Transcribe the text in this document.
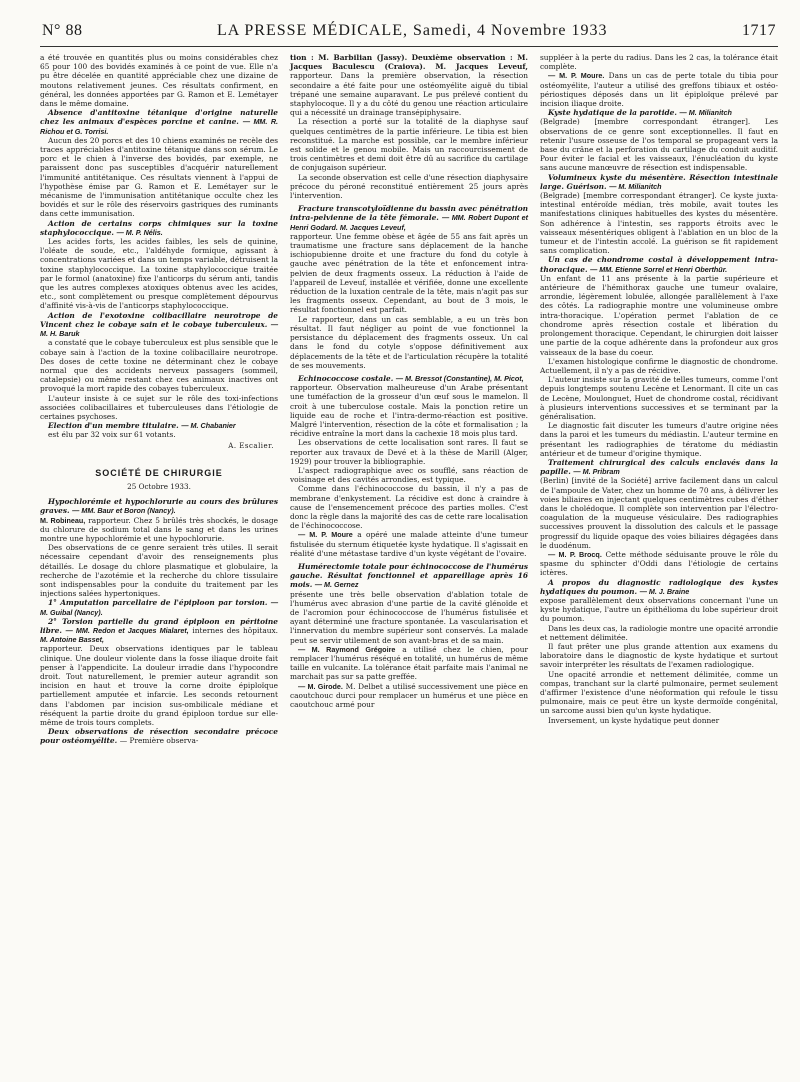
N° 88	LA PRESSE MÉDICALE, Samedi, 4 Novembre 1933	1717

a été trouvée en quantités plus ou moins considérables chez 65 pour 100 des bovidés examinés à ce point de vue. Elle n'a pu être décelée en quantité appréciable chez une dizaine de moutons relativement jeunes. Ces résultats confirment, en général, les données apportées par G. Ramon et E. Lemétayer dans le même domaine.

Absence d'antitoxine tétanique d'origine naturelle chez les animaux d'espèces porcine et canine. — MM. R. Richou et G. Torrisi.

Aucun des 20 porcs et des 10 chiens examinés ne recèle des traces appréciables d'antitoxine tétanique dans son sérum. Le porc et le chien à l'inverse des bovidés, par exemple, ne paraissent donc pas susceptibles d'acquérir naturellement l'immunité antitétanique. Ces résultats viennent à l'appui de l'hypothèse émise par G. Ramon et E. Lemétayer sur le mécanisme de l'immunisation antitétanique occulte chez les bovidés et sur le rôle des réservoirs gastriques des ruminants dans cette immunisation.

Action de certains corps chimiques sur la toxine staphylococcique. — M. P. Nélis.

Les acides forts, les acides faibles, les sels de quinine, l'oléate de soude, etc., l'aldéhyde formique, agissant à concentrations variées et dans un temps variable, détruisent la toxine staphylococcique. La toxine staphylococcique traitée par le formol (anatoxine) fixe l'anticorps du sérum anti, tandis que les autres complexes atoxiques obtenus avec les acides, etc., sont complètement ou presque complètement dépourvus d'affinité vis-à-vis de l'anticorps staphylococcique.

Action de l'exotoxine colibacillaire neurotrope de Vincent chez le cobaye sain et le cobaye tuberculeux. — M. H. Baruk

a constaté que le cobaye tuberculeux est plus sensible que le cobaye sain à l'action de la toxine colibacillaire neurotrope. Des doses de cette toxine ne déterminant chez le cobaye normal que des accidents nerveux passagers (sommeil, catalepsie) ou même restant chez ces animaux inactives ont provoqué la mort rapide des cobayes tuberculeux.

L'auteur insiste à ce sujet sur le rôle des toxi-infections associées colibacillaires et tuberculeuses dans l'étiologie de certaines psychoses.

Election d'un membre titulaire. — M. Chabanier

est élu par 32 voix sur 61 votants.

A. Escalier.
SOCIÉTÉ DE CHIRURGIE
25 Octobre 1933.

Hypochlorémie et hypochlorurie au cours des brûlures graves. — MM. Baur et Boron (Nancy).

M. Robineau, rapporteur. Chez 5 brûlés très shockés, le dosage du chlorure de sodium total dans le sang et dans les urines montre une hypochlorémie et une hypochlorurie.

Des observations de ce genre seraient très utiles. Il serait nécessaire cependant d'avoir des renseignements plus détaillés. Le dosage du chlore plasmatique et globulaire, la recherche de l'azotémie et la recherche du chlore tissulaire sont indispensables pour la conduite du traitement par les injections salées hypertoniques.

1° Amputation parcellaire de l'épiploon par torsion. — M. Guibal (Nancy).

2° Torsion partielle du grand épiploon en péritoine libre. — MM. Redon et Jacques Mialaret, internes des hôpitaux. M. Antoine Basset,

rapporteur. Deux observations identiques par le tableau clinique. Une douleur violente dans la fosse iliaque droite fait penser à l'appendicite. La douleur irradie dans l'hypocondre droit. Tout naturellement, le premier auteur agrandit son incision en haut et trouve la corne droite épiploïque partiellement amputée et infarcie. Les seconds retournent dans l'abdomen par incision sus-ombilicale médiane et réséquent la partie droite du grand épiploon tordue sur elle-même de trois tours complets.

Deux observations de résection secondaire précoce pour ostéomyélite. — Première observa-

tion : M. Barbilian (Jassy). Deuxième observation : M. Jacques Baculescu (Craiova). M. Jacques Leveuf, rapporteur. Dans la première observation, la résection secondaire a été faite pour une ostéomyélite aiguë du tibial trépané une semaine auparavant. Le pus prélevé contient du staphylocoque. Il y a du côté du genou une réaction articulaire qui a nécessité un drainage transépiphysaire.

La résection a porté sur la totalité de la diaphyse sauf quelques centimètres de la partie inférieure. Le tibia est bien reconstitué. La marche est possible, car le membre inférieur est solide et le genou mobile. Mais un raccourcissement de trois centimètres et demi doit être dû au sacrifice du cartilage de conjugaison supérieur.

La seconde observation est celle d'une résection diaphysaire précoce du péroné reconstitué entièrement 25 jours après l'intervention.

Fracture transcotyloïdienne du bassin avec pénétration intra-pelvienne de la tête fémorale. — MM. Robert Dupont et Henri Godard. M. Jacques Leveuf,

rapporteur. Une femme obèse et âgée de 55 ans fait après un traumatisme une fracture sans déplacement de la hanche ischiopubienne droite et une fracture du fond du cotyle à gauche avec pénétration de la tête et enfoncement intra-pelvien de deux fragments osseux. La réduction à l'aide de l'appareil de Leveuf, installée et vérifiée, donne une excellente réduction de la luxation centrale de la tête, mais n'agit pas sur les fragments osseux. Cependant, au bout de 3 mois, le résultat fonctionnel est parfait.

Le rapporteur, dans un cas semblable, a eu un très bon résultat. Il faut négliger au point de vue fonctionnel la persistance du déplacement des fragments osseux. Un cal dans le fond du cotyle s'oppose définitivement aux déplacements de la tête et de l'articulation récupère la totalité de ses mouvements.

Echinococcose costale. — M. Bressot (Constantine), M. Picot,

rapporteur. Observation malheureuse d'un Arabe présentant une tuméfaction de la grosseur d'un œuf sous le mamelon. Il croit à une tuberculose costale. Mais la ponction retire un liquide eau de roche et l'intra-dermo-réaction est positive. Malgré l'intervention, résection de la côte et formalisation ; la récidive entraîne la mort dans la cachexie 18 mois plus tard.

Les observations de cette localisation sont rares. Il faut se reporter aux travaux de Devé et à la thèse de Marill (Alger, 1929) pour trouver la bibliographie.

L'aspect radiographique avec os soufflé, sans réaction de voisinage et des cavités arrondies, est typique.

Comme dans l'échinococcose du bassin, il n'y a pas de membrane d'enkystement. La récidive est donc à craindre à cause de l'ensemencement précoce des parties molles. C'est donc la règle dans la majorité des cas de cette rare localisation de l'échinococcose.

— M. P. Moure a opéré une malade atteinte d'une tumeur fistulisée du sternum étiquetée kyste hydatique. Il s'agissait en réalité d'une métastase tardive d'un kyste végétant de l'ovaire.

Humérectomie totale pour échinococcose de l'humérus gauche. Résultat fonctionnel et appareillage après 16 mois. — M. Gernez

présente une très belle observation d'ablation totale de l'humérus avec abrasion d'une partie de la cavité glénoïde et de l'acromion pour échinococcose de l'humérus fistulisée et ayant déterminé une fracture spontanée. La vascularisation et l'innervation du membre supérieur sont conservés. La malade peut se servir utilement de son avant-bras et de sa main.

— M. Raymond Grégoire a utilisé chez le chien, pour remplacer l'humérus réséqué en totalité, un humérus de même taille en vulcanite. La tolérance était parfaite mais l'animal ne marchait pas sur sa patte greffée.

— M. Girode. M. Delbet a utilisé successivement une pièce en caoutchouc durci pour remplacer un humérus et une pièce en caoutchouc armé pour

suppléer à la perte du radius. Dans les 2 cas, la tolérance était complète.

— M. P. Moure. Dans un cas de perte totale du tibia pour ostéomyélite, l'auteur a utilisé des greffons tibiaux et ostéo-périostiques déposés dans un lit épiploïque prélevé par incision iliaque droite.

Kyste hydatique de la parotide. — M. Milianitch

(Belgrade) [membre correspondant étranger]. Les observations de ce genre sont exceptionnelles. Il faut en retenir l'usure osseuse de l'os temporal se propageant vers la base du crâne et la perforation du cartilage du conduit auditif. Pour éviter le facial et les vaisseaux, l'énucléation du kyste sans aucune manœuvre de résection est indispensable.

Volumineux kyste du mésentère. Résection intestinale large. Guérison. — M. Milianitch

(Belgrade) [membre correspondant étranger]. Ce kyste juxta-intestinal entéroïde médian, très mobile, avait toutes les manifestations cliniques habituelles des kystes du mésentère. Son adhérence à l'intestin, ses rapports étroits avec le vaisseaux mésentériques obligent à l'ablation en un bloc de la tumeur et de l'intestin accolé. La guérison se fit rapidement sans complication.

Un cas de chondrome costal à développement intra-thoracique. — MM. Etienne Sorrel et Henri Oberthür.

Un enfant de 11 ans présente à la partie supérieure et antérieure de l'hémithorax gauche une tumeur ovalaire, arrondie, légèrement lobulée, allongée parallèlement à l'axe des côtés. La radiographie montre une volumineuse ombre intra-thoracique. L'opération permet l'ablation de ce chondrome après résection costale et libération du prolongement thoracique. Cependant, le chirurgien doit laisser une partie de la coque adhérente dans la profondeur aux gros vaisseaux de la base du coeur.

L'examen histologique confirme le diagnostic de chondrome. Actuellement, il n'y a pas de récidive.

L'auteur insiste sur la gravité de telles tumeurs, comme l'ont depuis longtemps soutenu Lecène et Lenormant. Il cite un cas de Lecène, Moulonguet, Huet de chondrome costal, récidivant à plusieurs interventions successives et se terminant par la généralisation.

Le diagnostic fait discuter les tumeurs d'autre origine nées dans la paroi et les tumeurs du médiastin. L'auteur termine en présentant les radiographies de tératome du médiastin antérieur et de tumeur d'origine thymique.

Traitement chirurgical des calculs enclavés dans la papille. — M. Pribram

(Berlin) [invité de la Société] arrive facilement dans un calcul de l'ampoule de Vater, chez un homme de 70 ans, à délivrer les voies biliaires en injectant quelques centimètres cubes d'éther dans le cholédoque. Il complète son intervention par l'électro-coagulation de la muqueuse vésiculaire. Des radiographies successives prouvent la dissolution des calculs et le passage progressif du liquide opaque des voies biliaires dégagées dans le duodénum.

— M. P. Brocq. Cette méthode séduisante prouve le rôle du spasme du sphincter d'Oddi dans l'étiologie de certains ictères.

A propos du diagnostic radiologique des kystes hydatiques du poumon. — M. J. Braine

expose parallèlement deux observations concernant l'une un kyste hydatique, l'autre un épithélioma du lobe supérieur droit du poumon.

Dans les deux cas, la radiologie montre une opacité arrondie et nettement délimitée.

Il faut prêter une plus grande attention aux examens du laboratoire dans le diagnostic de kyste hydatique et surtout savoir interpréter les résultats de l'examen radiologique.

Une opacité arrondie et nettement délimitée, comme un compas, tranchant sur la clarté pulmonaire, permet seulement d'affirmer l'existence d'une néoformation qui refoule le tissu pulmonaire, mais ce peut être un kyste dermoïde congénital, un sarcome aussi bien qu'un kyste hydatique.

Inversement, un kyste hydatique peut donner
